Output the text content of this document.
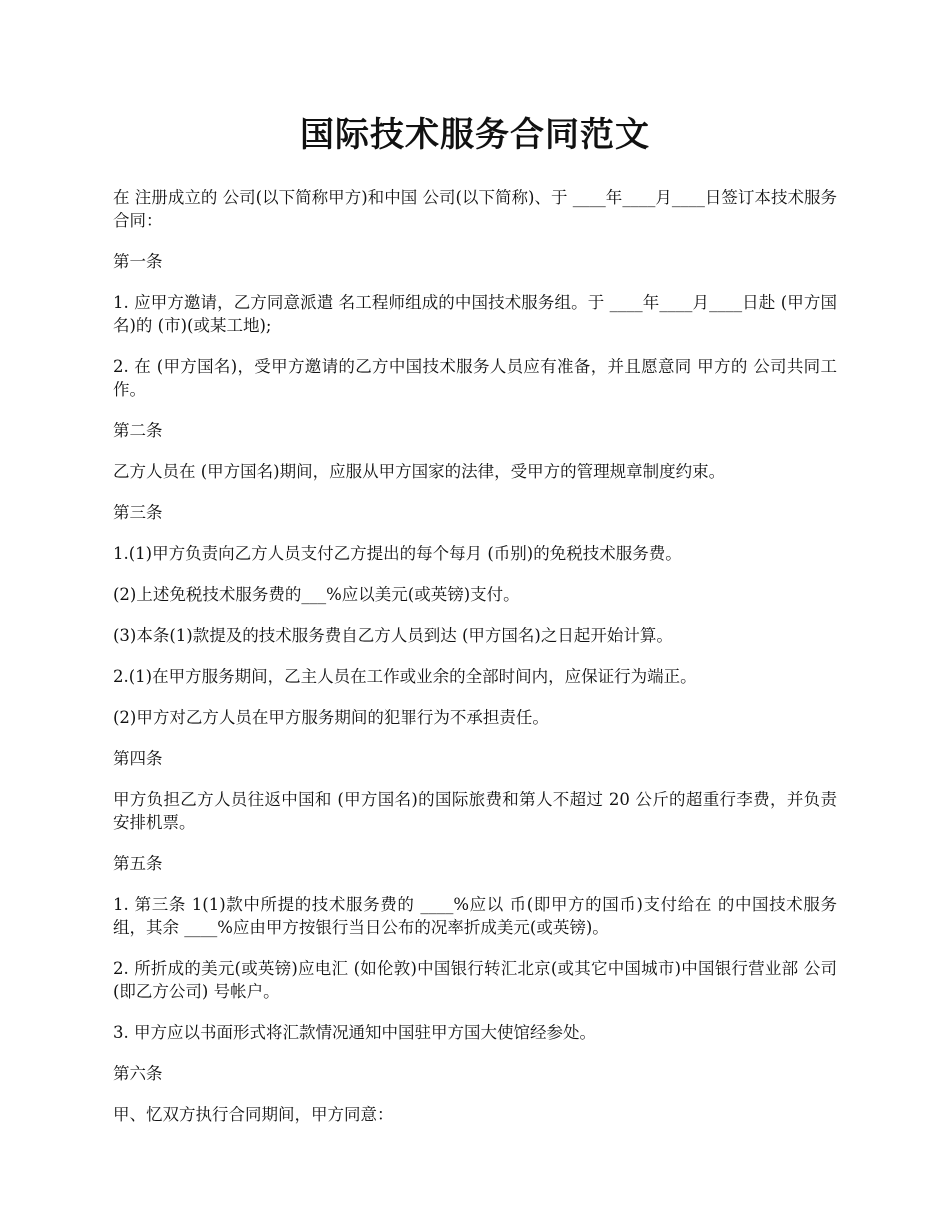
国际技术服务合同范文

在 注册成立的 公司(以下简称甲方)和中国 公司(以下简称)、于 ____年____月____日签订本技术服务合同：

第一条

1. 应甲方邀请，乙方同意派遣 名工程师组成的中国技术服务组。于 ____年____月____日赴 (甲方国名)的 (市)(或某工地);

2. 在 (甲方国名)，受甲方邀请的乙方中国技术服务人员应有准备，并且愿意同 甲方的 公司共同工作。

第二条

乙方人员在 (甲方国名)期间，应服从甲方国家的法律，受甲方的管理规章制度约束。

第三条

1.(1)甲方负责向乙方人员支付乙方提出的每个每月 (币别)的免税技术服务费。

(2)上述免税技术服务费的___%应以美元(或英镑)支付。

(3)本条(1)款提及的技术服务费自乙方人员到达 (甲方国名)之日起开始计算。

2.(1)在甲方服务期间，乙主人员在工作或业余的全部时间内，应保证行为端正。

(2)甲方对乙方人员在甲方服务期间的犯罪行为不承担责任。

第四条

甲方负担乙方人员往返中国和 (甲方国名)的国际旅费和第人不超过 20 公斤的超重行李费，并负责安排机票。

第五条

1. 第三条 1(1)款中所提的技术服务费的 ____%应以 币(即甲方的国币)支付给在 的中国技术服务组，其余 ____%应由甲方按银行当日公布的况率折成美元(或英镑)。

2. 所折成的美元(或英镑)应电汇 (如伦敦)中国银行转汇北京(或其它中国城市)中国银行营业部 公司(即乙方公司) 号帐户。

3. 甲方应以书面形式将汇款情况通知中国驻甲方国大使馆经参处。

第六条

甲、忆双方执行合同期间，甲方同意：
